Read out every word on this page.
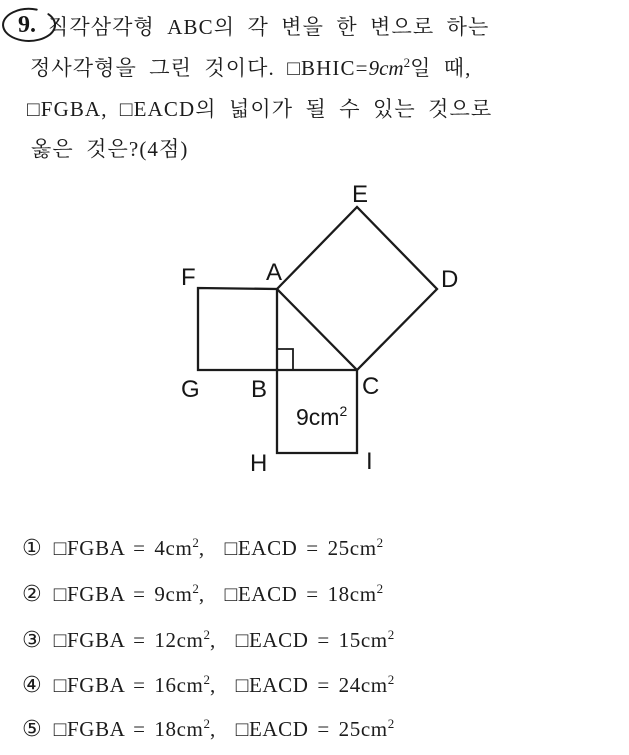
9. 직각삼각형 ABC의 각 변을 한 변으로 하는
정사각형을 그린 것이다. $□BHIC=9cm^2$일 때,
□FGBA, □EACD의 넓이가 될 수 있는 것으로
옳은 것은?(4점)
F	A
E
D
G B	C
H	I
$9cm^2$
① □FGBA = $4cm^2$, □EACD = $25cm^2$
② □FGBA = $9cm^2$, □EACD = $18cm^2$
③ □FGBA = $12cm^2$, □EACD = $15cm^2$
④ □FGBA = $16cm^2$, □EACD = $24cm^2$
⑤ □FGBA = $18cm^2$, □EACD = $25cm^2$
